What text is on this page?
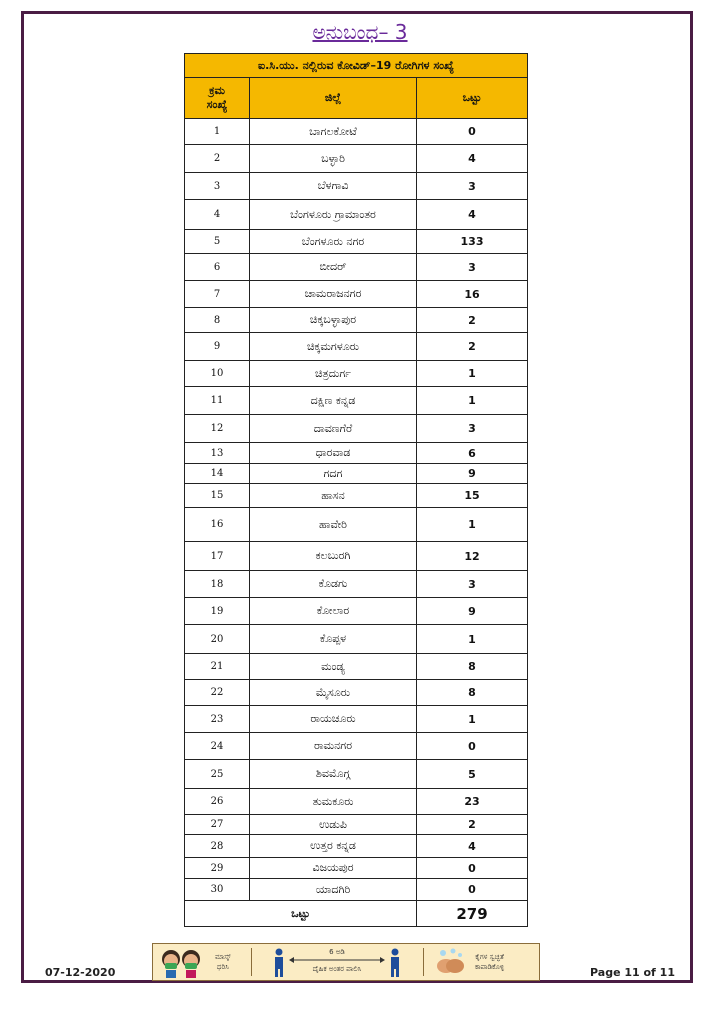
ಅನುಬಂಧ– 3
ಐ.ಸಿ.ಯು. ನಲ್ಲಿರುವ ಕೋವಿಡ್–19 ರೋಗಿಗಳ ಸಂಖ್ಯೆ		

ಕ್ರಮ
ಸಂಖ್ಯೆ	ಜಿಲ್ಲೆ	ಒಟ್ಟು
1	ಬಾಗಲಕೋಟೆ	0
2	ಬಳ್ಳಾರಿ	4
3	ಬೆಳಗಾವಿ	3
4	ಬೆಂಗಳೂರು ಗ್ರಾಮಾಂತರ	4
5	ಬೆಂಗಳೂರು ನಗರ	133
6	ಬೀದರ್	3
7	ಚಾಮರಾಜನಗರ	16
8	ಚಿಕ್ಕಬಳ್ಳಾಪುರ	2
9	ಚಿಕ್ಕಮಗಳೂರು	2
10	ಚಿತ್ರದುರ್ಗ	1
11	ದಕ್ಷಿಣ ಕನ್ನಡ	1
12	ದಾವಣಗೆರೆ	3
13	ಧಾರವಾಡ	6
14	ಗದಗ	9
15	ಹಾಸನ	15
16	ಹಾವೇರಿ	1
17	ಕಲಬುರಗಿ	12
18	ಕೊಡಗು	3
19	ಕೋಲಾರ	9
20	ಕೊಪ್ಪಳ	1
21	ಮಂಡ್ಯ	8
22	ಮೈಸೂರು	8
23	ರಾಯಚೂರು	1
24	ರಾಮನಗರ	0
25	ಶಿವಮೊಗ್ಗ	5
26	ತುಮಕೂರು	23
27	ಉಡುಪಿ	2
28	ಉತ್ತರ ಕನ್ನಡ	4
29	ವಿಜಯಪುರ	0
30	ಯಾದಗಿರಿ	0
ಒಟ್ಟು		279
ಮಾಸ್ಕ್
ಧರಿಸಿ
6 ಅಡಿ
ದೈಹಿಕ ಅಂತರ ಪಾಲಿಸಿ
ಕೈಗಳ ಸ್ವಚ್ಛತೆ
ಕಾಪಾಡಿಕೊಳ್ಳಿ
07-12-2020	Page 11 of 11
